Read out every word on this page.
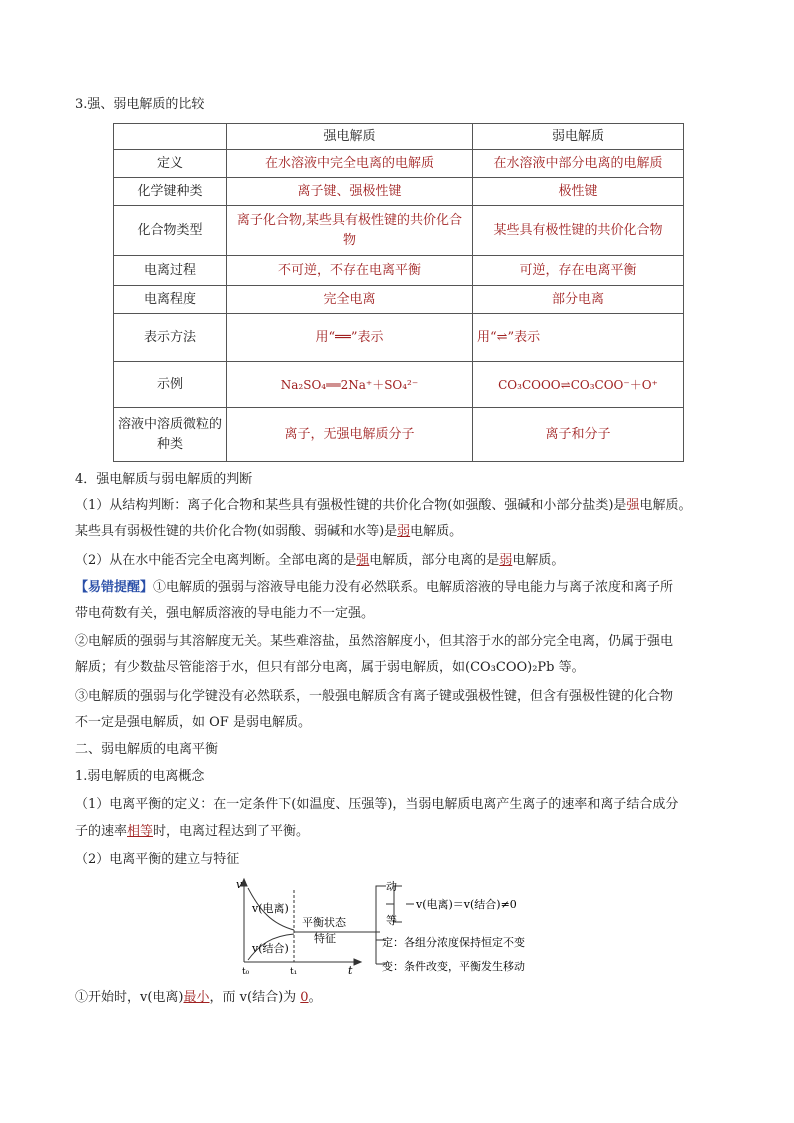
3.强、弱电解质的比较
	强电解质	弱电解质
定义	在水溶液中完全电离的电解质	在水溶液中部分电离的电解质
化学键种类	离子键、强极性键	极性键
化合物类型	离子化合物,某些具有极性键的共价化合物	某些具有极性键的共价化合物
电离过程	不可逆，不存在电离平衡	可逆，存在电离平衡
电离程度	完全电离	部分电离
表示方法	用“══”表示	用“⇌”表示
示例	Na₂SO₄══2Na⁺＋SO₄²⁻	CO₃COOO⇌CO₃COO⁻＋O⁺
溶液中溶质微粒的种类	离子，无强电解质分子	离子和分子
4．强电解质与弱电解质的判断
（1）从结构判断：离子化合物和某些具有强极性键的共价化合物(如强酸、强碱和小部分盐类)是强电解质。
某些具有弱极性键的共价化合物(如弱酸、弱碱和水等)是弱电解质。
（2）从在水中能否完全电离判断。全部电离的是强电解质，部分电离的是弱电解质。
【易错提醒】①电解质的强弱与溶液导电能力没有必然联系。电解质溶液的导电能力与离子浓度和离子所
带电荷数有关，强电解质溶液的导电能力不一定强。
②电解质的强弱与其溶解度无关。某些难溶盐，虽然溶解度小，但其溶于水的部分完全电离，仍属于强电
解质；有少数盐尽管能溶于水，但只有部分电离，属于弱电解质，如(CO₃COO)₂Pb 等。
③电解质的强弱与化学键没有必然联系，一般强电解质含有离子键或强极性键，但含有强极性键的化合物
不一定是强电解质，如 OF 是弱电解质。
二、弱电解质的电离平衡
1.弱电解质的电离概念
（1）电离平衡的定义：在一定条件下(如温度、压强等)，当弱电解质电离产生离子的速率和离子结合成分
子的速率相等时，电离过程达到了平衡。
（2）电离平衡的建立与特征
v
t
v(电离)
v(结合)
t₀	t₁
平衡状态
特征
动
等
v(电离)＝v(结合)≠0
定：各组分浓度保持恒定不变
变：条件改变，平衡发生移动
①开始时，v(电离)最小，而 v(结合)为 0。
